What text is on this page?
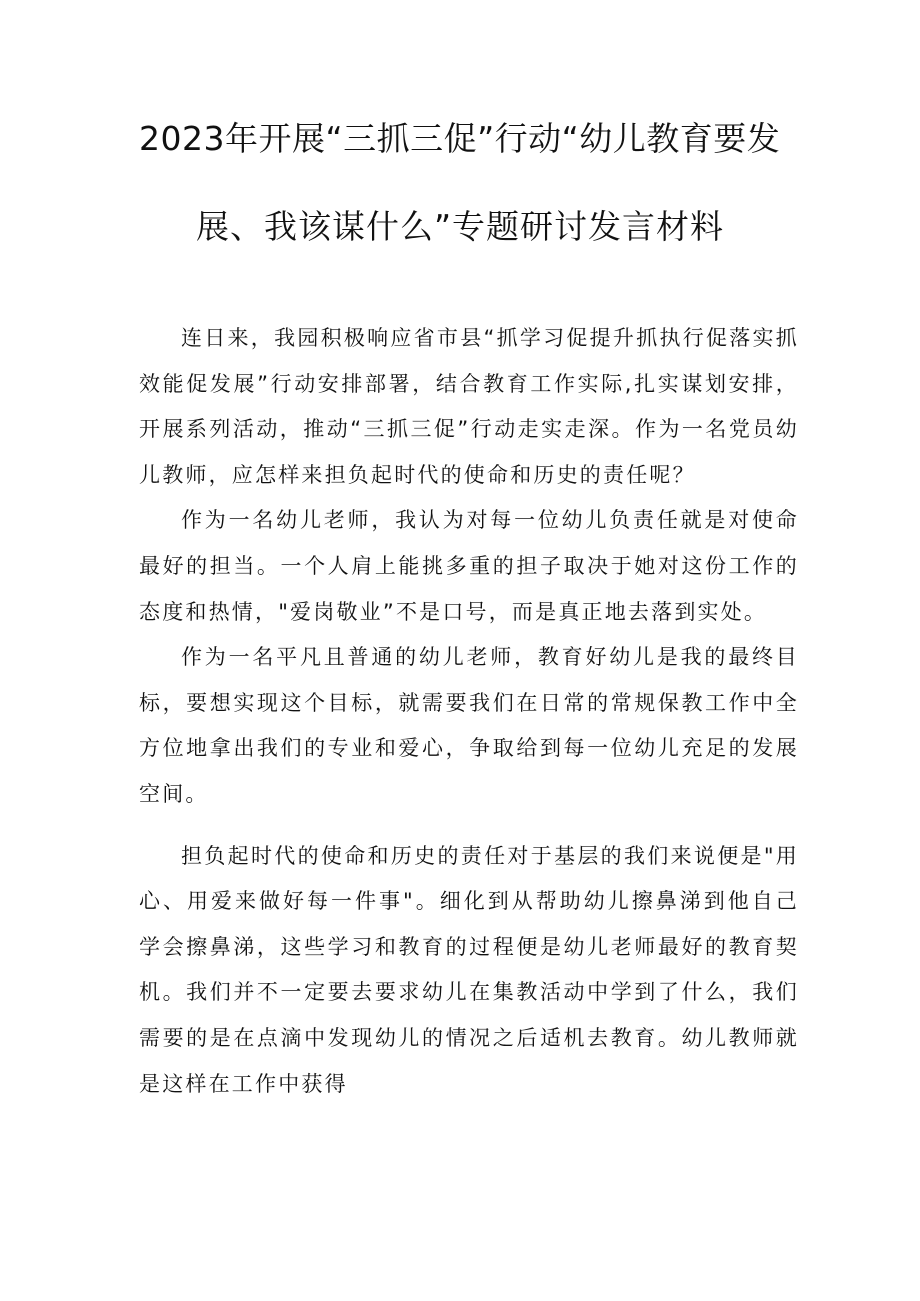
2023年开展“三抓三促”行动“幼儿教育要发
展、我该谋什么”专题研讨发言材料

连日来，我园积极响应省市县“抓学习促提升抓执行促落实抓效能促发展”行动安排部署，结合教育工作实际,扎实谋划安排，开展系列活动，推动“三抓三促”行动走实走深。作为一名党员幼儿教师，应怎样来担负起时代的使命和历史的责任呢？

作为一名幼儿老师，我认为对每一位幼儿负责任就是对使命最好的担当。一个人肩上能挑多重的担子取决于她对这份工作的态度和热情，"爱岗敬业”不是口号，而是真正地去落到实处。

作为一名平凡且普通的幼儿老师，教育好幼儿是我的最终目标，要想实现这个目标，就需要我们在日常的常规保教工作中全方位地拿出我们的专业和爱心，争取给到每一位幼儿充足的发展空间。

担负起时代的使命和历史的责任对于基层的我们来说便是"用心、用爱来做好每一件事"。细化到从帮助幼儿擦鼻涕到他自己学会擦鼻涕，这些学习和教育的过程便是幼儿老师最好的教育契机。我们并不一定要去要求幼儿在集教活动中学到了什么，我们需要的是在点滴中发现幼儿的情况之后适机去教育。幼儿教师就是这样在工作中获得
